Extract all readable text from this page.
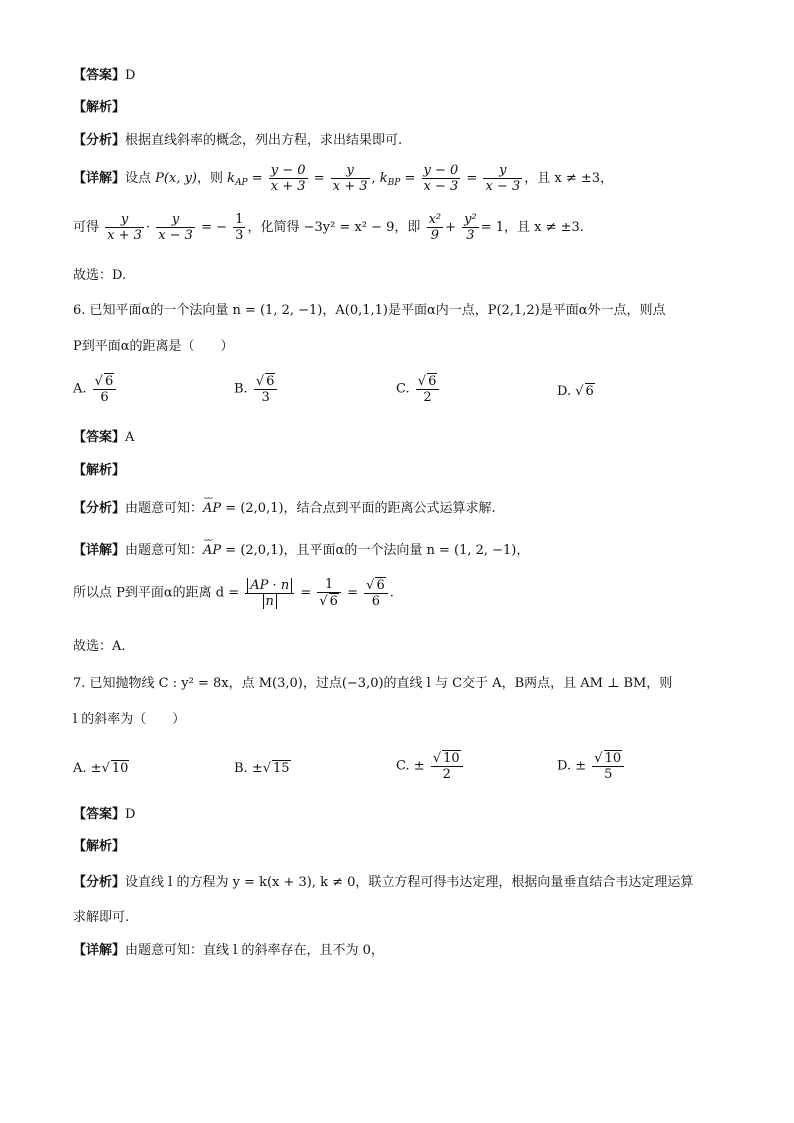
【答案】D
【解析】
【分析】根据直线斜率的概念，列出方程，求出结果即可.
【详解】设点 P(x, y)，则 $k_{AP} = \frac{y - 0}{x + 3} = \frac{y}{x + 3}$ , $k_{BP} = \frac{y - 0}{x - 3} = \frac{y}{x - 3}$ ，且 x ≠ ±3，
可得 $\frac{y}{x + 3} \cdot \frac{y}{x - 3}$ = − $\frac{1}{3}$ ，化简得 −3y² = x² − 9，即 $\frac{\text{x²}}{9} + \frac{\text{y²}}{3} = 1$，且 x ≠ ±3.
故选：D.
6. 已知平面α的一个法向量 n = (1, 2, −1)，A(0,1,1)是平面α内一点，P(2,1,2)是平面α外一点，则点
P到平面α的距离是（　　）
A. $\frac{√ 6}{6}$	B. $\frac{√ 6}{3}$	C. $\frac{√ 6}{2}$	D. √ 6
【答案】A
【解析】
【分析】由题意可知：⌣⌣ AP = (2,0,1)，结合点到平面的距离公式运算求解.
【详解】由题意可知：⌣⌣ AP = (2,0,1)，且平面α的一个法向量 n = (1, 2, −1)，
所以点 P到平面α的距离 $d = \frac{AP \cdot n}{n} = \frac{1}{√ 6} = \frac{√ 6}{6}$ .
故选：A.
7. 已知抛物线 C : y² = 8x，点 M(3,0)，过点(−3,0)的直线 l 与 C交于 A，B两点，且 AM ⊥ BM，则
l 的斜率为（　　）
A. ±√ 10	B. ±√ 15	C. ± $\frac{√ 10}{2}$	D. ± $\frac{√ 10}{5}$
【答案】D
【解析】
【分析】设直线 l 的方程为 y = k(x + 3), k ≠ 0，联立方程可得韦达定理，根据向量垂直结合韦达定理运算
求解即可.
【详解】由题意可知：直线 l 的斜率存在，且不为 0，
